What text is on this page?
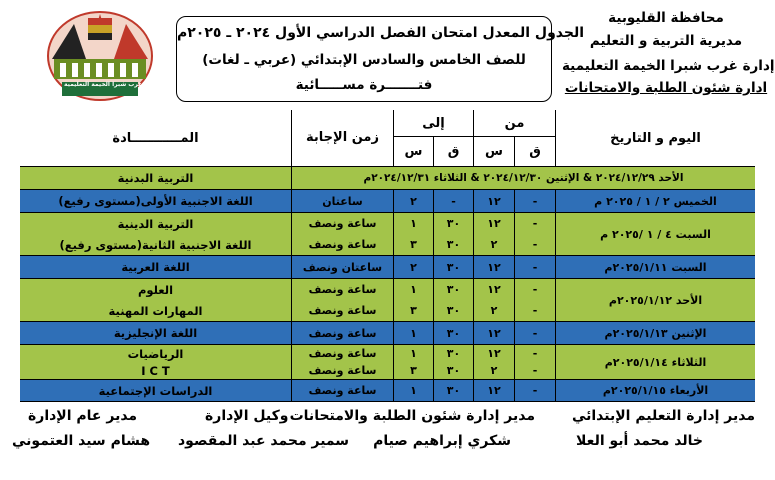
ادارة غرب شبرا الخيمة التعليمية
الجدول المعدل امتحان الفصل الدراسي الأول ٢٠٢٤ ـ ٢٠٢٥م
للصف الخامس والسادس الإبتدائي (عربي ـ لغات)
فتـــــــرة مســـــائية
محافظة القليوبية
مديرية التربية و التعليم
إدارة غرب شبرا الخيمة التعليمية
ادارة شئون الطلبة والامتحانات
اليوم و التاريخ
من
إلى
زمن الإجابة
المـــــــــــادة
ق
س
ق
س
الأحد ٢٠٢٤/١٢/٢٩ & الإثنين ٢٠٢٤/١٢/٣٠ & الثلاثاء ٢٠٢٤/١٢/٣١م
التربية البدنية
الخميس ٢ / ١ / ٢٠٢٥ م
-
١٢
-
٢
ساعتان
اللغة الاجنبية الأولى(مستوى رفيع)
السبت ٤ / ١ /٢٠٢٥ م
-
-
١٢
٢
٣٠
٣٠
١
٣
ساعة ونصف
ساعة ونصف
التربية الدينية
اللغة الاجنبية الثانية(مستوى رفيع)
السبت ٢٠٢٥/١/١١م
-
١٢
٣٠
٢
ساعتان ونصف
اللغة العربية
الأحد ٢٠٢٥/١/١٢م
-
-
١٢
٢
٣٠
٣٠
١
٣
ساعة ونصف
ساعة ونصف
العلوم
المهارات المهنية
الإثنين ٢٠٢٥/١/١٣م
-
١٢
٣٠
١
ساعة ونصف
اللغة الإنجليزية
الثلاثاء ٢٠٢٥/١/١٤م
-
-
١٢
٢
٣٠
٣٠
١
٣
ساعة ونصف
ساعة ونصف
الرياضيات
I C T
الأربعاء ٢٠٢٥/١/١٥م
-
١٢
٣٠
١
ساعة ونصف
الدراسات الإجتماعية
مدير إدارة التعليم الإبتدائي
مدير إدارة شئون الطلبة والامتحانات
وكيل الإدارة
مدير عام الإدارة
خالد محمد أبو العلا
شكري إبراهيم صيام
سمير محمد عبد المقصود
هشام سيد العتموني
